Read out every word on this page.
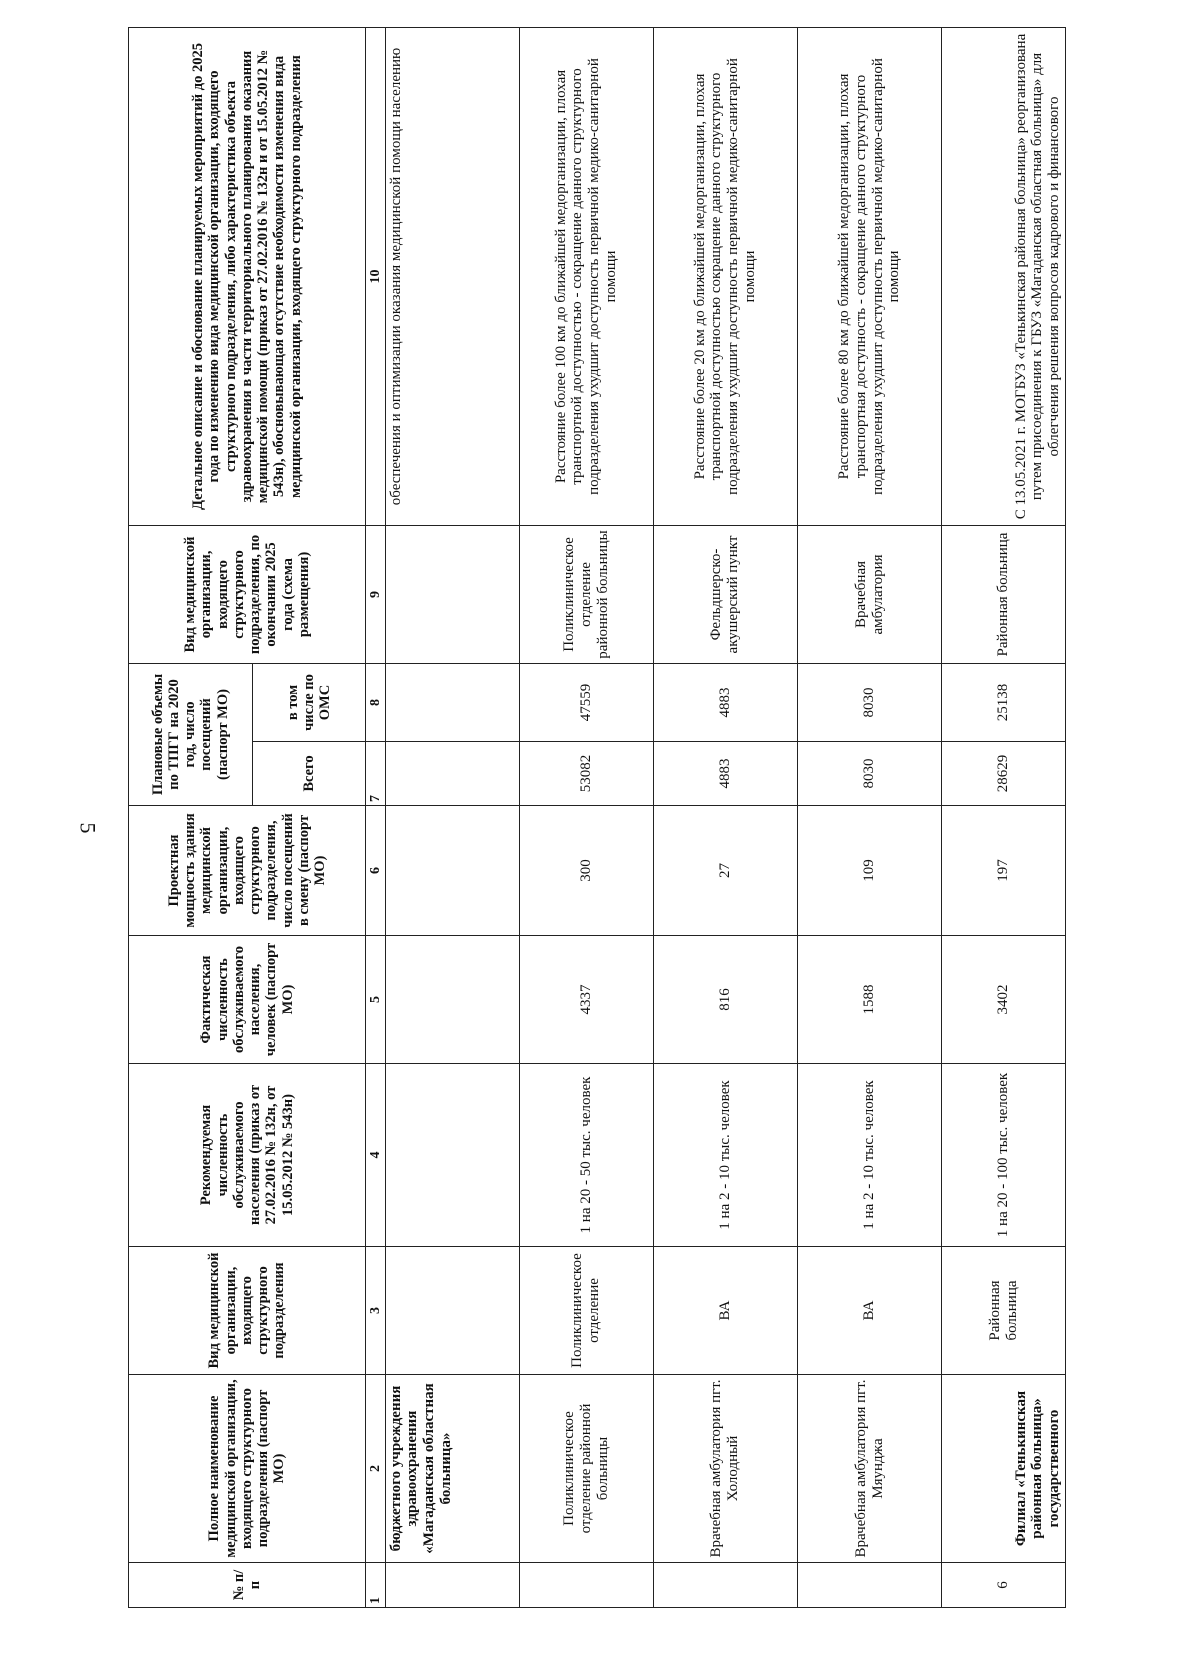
5
№ п/п	Полное наименование медицинской организации, входящего структурного подразделения (паспорт МО)	Вид медицинской организации, входящего структурного подразделения	Рекомендуемая численность обслуживаемого населения (приказ от 27.02.2016 № 132н, от 15.05.2012 № 543н)	Фактическая численность обслуживаемого населения, человек (паспорт МО)	Проектная мощность здания медицинской организации, входящего структурного подразделения, число посещений в смену (паспорт МО)	Плановые объемы по ТПГГ на 2020 год, число посещений (паспорт МО)		Вид медицинской организации, входящего структурного подразделения, по окончании 2025 года (схема размещения)	Детальное описание и обоснование планируемых мероприятий до 2025 года по изменению вида медицинской организации, входящего структурного подразделения, либо характеристика объекта здравоохранения в части территориального планирования оказания медицинской помощи (приказ от 27.02.2016 № 132н и от 15.05.2012 № 543н), обосновывающая отсутствие необходимости изменения вида медицинской организации, входящего структурного подразделения
						Всего	в том числе по ОМС		
1	2	3	4	5	6	7	8	9	10
	бюджетного учреждения здравоохранения «Магаданская областная больница»								обеспечения и оптимизации оказания медицинской помощи населению
	Поликлиническое отделение районной больницы	Поликлиническое отделение	1 на 20 - 50 тыс. человек	4337	300	53082	47559	Поликлиническое отделение районной больницы	Расстояние более 100 км до ближайшей медорганизации, плохая транспортной доступностью - сокращение данного структурного подразделения ухудшит доступность первичной медико-санитарной помощи
	Врачебная амбулатория пгт. Холодный	ВА	1 на 2 - 10 тыс. человек	816	27	4883	4883	Фельдшерско-акушерский пункт	Расстояние более 20 км до ближайшей медорганизации, плохая транспортной доступностью сокращение данного структурного подразделения ухудшит доступность первичной медико-санитарной помощи
	Врачебная амбулатория пгт. Мяунджа	ВА	1 на 2 - 10 тыс. человек	1588	109	8030	8030	Врачебная амбулатория	Расстояние более 80 км до ближайшей медорганизации, плохая транспортная доступность - сокращение данного структурного подразделения ухудшит доступность первичной медико-санитарной помощи
6	Филиал «Тенькинская районная больница» государственного	Районная больница	1 на 20 - 100 тыс. человек	3402	197	28629	25138	Районная больница	С 13.05.2021 г. МОГБУЗ «Тенькинская районная больница» реорганизована путем присоединения к ГБУЗ «Магаданская областная больница» для облегчения решения вопросов кадрового и финансового
